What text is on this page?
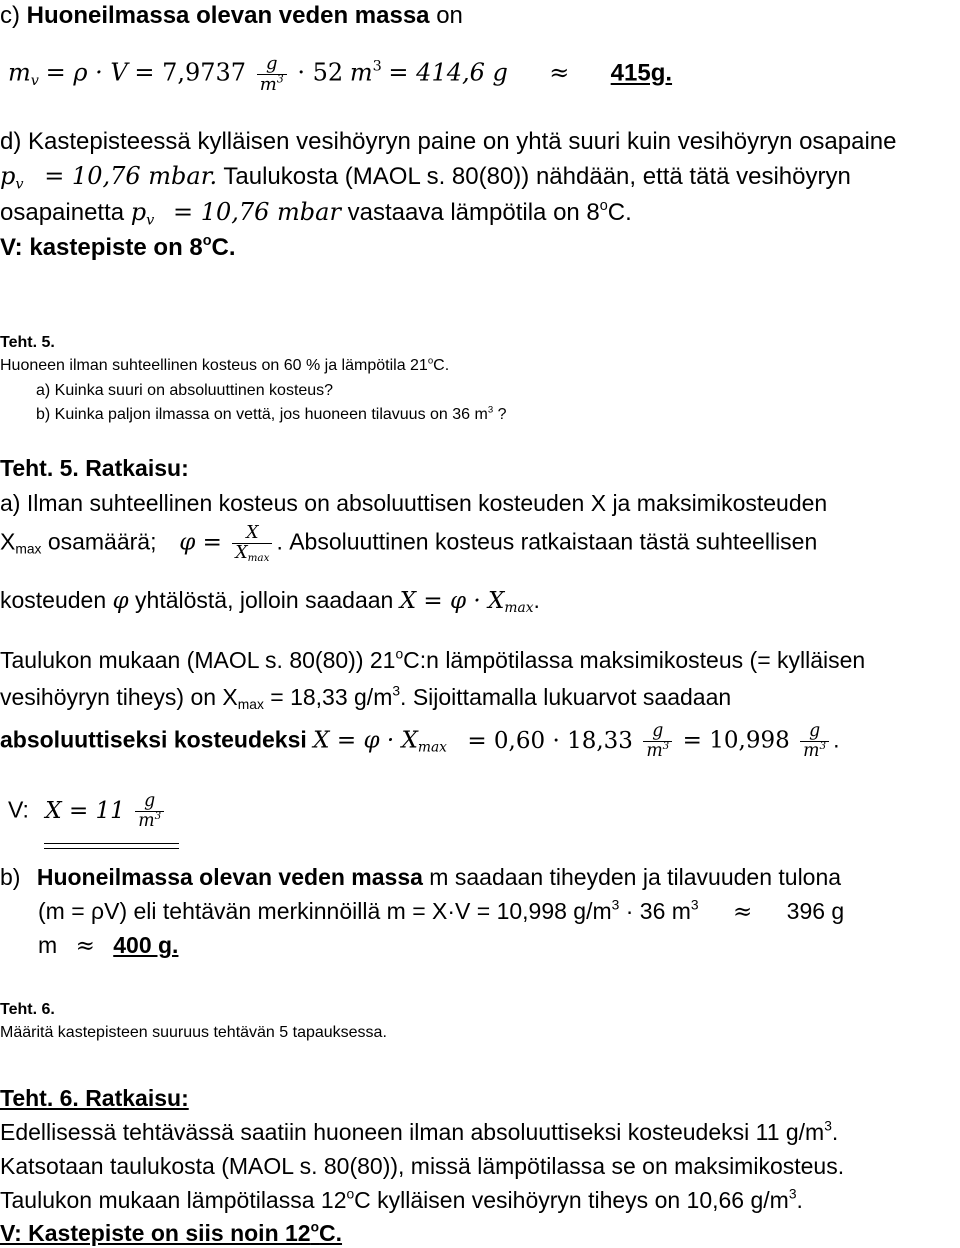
c) Huoneilmassa olevan veden massa on
$m_v = \rho \cdot V = 7,9737 \frac{g}{m^3} \cdot 52$ $m^3 = 414,6$ g ≈ 415g.
d) Kastepisteessä kylläisen vesihöyryn paine on yhtä suuri kuin vesihöyryn osapaine
$p_v = 10,76$ mbar. Taulukosta (MAOL s. 80(80)) nähdään, että tätä vesihöyryn
osapainetta $p_v = 10,76$ mbar vastaava lämpötila on 8$^o$C.
V: kastepiste on 8$^o$C.
Teht. 5.
Huoneen ilman suhteellinen kosteus on 60 % ja lämpötila 21$^o$C.
a) Kuinka suuri on absoluuttinen kosteus?
b) Kuinka paljon ilmassa on vettä, jos huoneen tilavuus on 36 $m^3$ ?
Teht. 5. Ratkaisu:
a) Ilman suhteellinen kosteus on absoluuttisen kosteuden X ja maksimikosteuden
$X_{max}$ osamäärä; $\varphi = \frac{X}{X_{max}}$ . Absoluuttinen kosteus ratkaistaan tästä suhteellisen
kosteuden φ yhtälöstä, jolloin saadaan $X = \varphi \cdot X_{max}$.
Taulukon mukaan (MAOL s. 80(80)) 21$^o$C:n lämpötilassa maksimikosteus (= kylläisen
vesihöyryn tiheys) on $X_{max} = 18,33$ $g/m^3$. Sijoittamalla lukuarvot saadaan
absoluuttiseksi kosteudeksi $X = \varphi \cdot X_{max} = 0,60 \cdot 18,33 \frac{g}{m^3} = 10,998 \frac{g}{m^3}$ .
V: $X = 11 \frac{g}{m^3}$
b) Huoneilmassa olevan veden massa m saadaan tiheyden ja tilavuuden tulona
(m = ρV) eli tehtävän merkinnöillä m = X·V = 10,998 $g/m^3 \cdot 36$ $m^3 \approx 396$ g
m ≈ 400 g.
Teht. 6.
Määritä kastepisteen suuruus tehtävän 5 tapauksessa.
Teht. 6. Ratkaisu:
Edellisessä tehtävässä saatiin huoneen ilman absoluuttiseksi kosteudeksi 11 $g/m^3$.
Katsotaan taulukosta (MAOL s. 80(80)), missä lämpötilassa se on maksimikosteus.
Taulukon mukaan lämpötilassa 12$^o$C kylläisen vesihöyryn tiheys on 10,66 $g/m^3$.
V: Kastepiste on siis noin 12$^o$C.
